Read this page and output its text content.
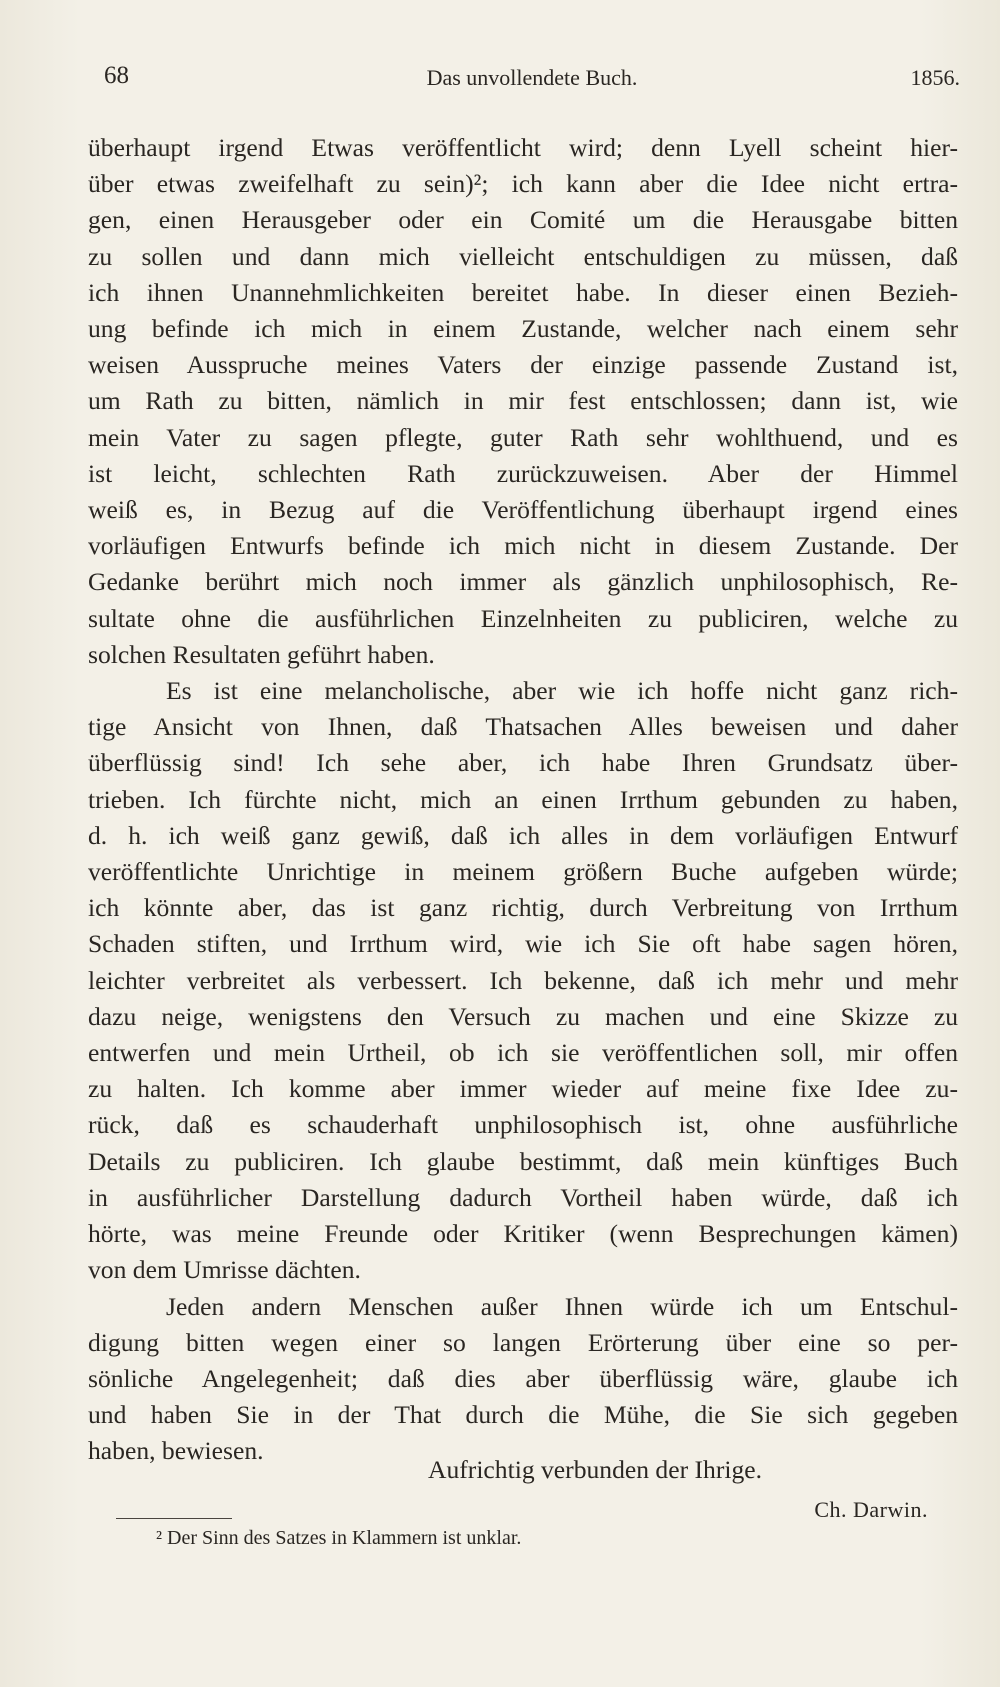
68	Das unvollendete Buch.	1856.
überhaupt irgend Etwas veröffentlicht wird; denn Lyell scheint hier-
über etwas zweifelhaft zu sein)²; ich kann aber die Idee nicht ertra-
gen, einen Herausgeber oder ein Comité um die Herausgabe bitten
zu sollen und dann mich vielleicht entschuldigen zu müssen, daß
ich ihnen Unannehmlichkeiten bereitet habe. In dieser einen Bezieh-
ung befinde ich mich in einem Zustande, welcher nach einem sehr
weisen Ausspruche meines Vaters der einzige passende Zustand ist,
um Rath zu bitten, nämlich in mir fest entschlossen; dann ist, wie
mein Vater zu sagen pflegte, guter Rath sehr wohlthuend, und es
ist leicht, schlechten Rath zurückzuweisen. Aber der Himmel
weiß es, in Bezug auf die Veröffentlichung überhaupt irgend eines
vorläufigen Entwurfs befinde ich mich nicht in diesem Zustande. Der
Gedanke berührt mich noch immer als gänzlich unphilosophisch, Re-
sultate ohne die ausführlichen Einzelnheiten zu publiciren, welche zu
solchen Resultaten geführt haben.
Es ist eine melancholische, aber wie ich hoffe nicht ganz rich-
tige Ansicht von Ihnen, daß Thatsachen Alles beweisen und daher
überflüssig sind! Ich sehe aber, ich habe Ihren Grundsatz über-
trieben. Ich fürchte nicht, mich an einen Irrthum gebunden zu haben,
d. h. ich weiß ganz gewiß, daß ich alles in dem vorläufigen Entwurf
veröffentlichte Unrichtige in meinem größern Buche aufgeben würde;
ich könnte aber, das ist ganz richtig, durch Verbreitung von Irrthum
Schaden stiften, und Irrthum wird, wie ich Sie oft habe sagen hören,
leichter verbreitet als verbessert. Ich bekenne, daß ich mehr und mehr
dazu neige, wenigstens den Versuch zu machen und eine Skizze zu
entwerfen und mein Urtheil, ob ich sie veröffentlichen soll, mir offen
zu halten. Ich komme aber immer wieder auf meine fixe Idee zu-
rück, daß es schauderhaft unphilosophisch ist, ohne ausführliche
Details zu publiciren. Ich glaube bestimmt, daß mein künftiges Buch
in ausführlicher Darstellung dadurch Vortheil haben würde, daß ich
hörte, was meine Freunde oder Kritiker (wenn Besprechungen kämen)
von dem Umrisse dächten.
Jeden andern Menschen außer Ihnen würde ich um Entschul-
digung bitten wegen einer so langen Erörterung über eine so per-
sönliche Angelegenheit; daß dies aber überflüssig wäre, glaube ich
und haben Sie in der That durch die Mühe, die Sie sich gegeben
haben, bewiesen.
Aufrichtig verbunden der Ihrige.
Ch. Darwin.
² Der Sinn des Satzes in Klammern ist unklar.
